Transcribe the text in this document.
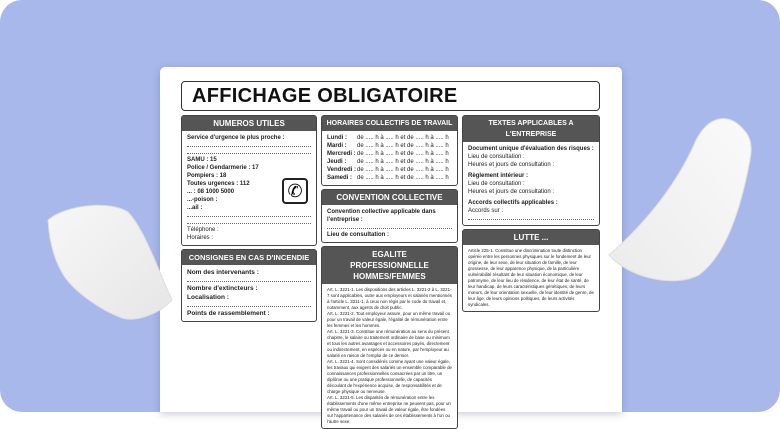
AFFICHAGE OBLIGATOIRE
NUMEROS UTILES
Service d'urgence le plus proche :
SAMU : 15
Police / Gendarmerie : 17
Pompiers : 18
Toutes urgences : 112
... : 08 1000 5000
...-poison :
...ail :
Téléphone :
Horaires :
✆
CONSIGNES EN CAS D'INCENDIE
Nom des intervenants :
Nombre d'extincteurs :
Localisation :
Points de rassemblement :
HORAIRES COLLECTIFS DE TRAVAIL
Lundi :	de ..... h à ..... h et de ..... h à ..... h
Mardi :	de ..... h à ..... h et de ..... h à ..... h
Mercredi : de ..... h à ..... h et de ..... h à ..... h
Jeudi :	de ..... h à ..... h et de ..... h à ..... h
Vendredi : de ..... h à ..... h et de ..... h à ..... h
Samedi : de ..... h à ..... h et de ..... h à ..... h
CONVENTION COLLECTIVE
Convention collective applicable dans l'entreprise :
Lieu de consultation :
EGALITE PROFESSIONNELLE HOMMES/FEMMES
Art. L. 3221-1. Les dispositions des articles L. 3221-2 à L. 3221-7 sont applicables, outre aux employeurs et salariés mentionnés à l'article L. 3211-1, à ceux non régis par le code du travail et, notamment, aux agents de droit public.
Art. L. 3221-2. Tout employeur assure, pour un même travail ou pour un travail de valeur égale, l'égalité de rémunération entre les femmes et les hommes.
Art. L. 3221-3. Constitue une rémunération au sens du présent chapitre, le salaire ou traitement ordinaire de base ou minimum et tous les autres avantages et accessoires payés, directement ou indirectement, en espèces ou en nature, par l'employeur au salarié en raison de l'emploi de ce dernier.
Art. L. 3221-4. Sont considérés comme ayant une valeur égale, les travaux qui exigent des salariés un ensemble comparable de connaissances professionnelles consacrées par un titre, un diplôme ou une pratique professionnelle, de capacités découlant de l'expérience acquise, de responsabilités et de charge physique ou nerveuse.
Art. L. 3221-5. Les disparités de rémunération entre les établissements d'une même entreprise ne peuvent pas, pour un même travail ou pour un travail de valeur égale, être fondées sur l'appartenance des salariés de ces établissements à l'un ou l'autre sexe.
TEXTES APPLICABLES A L'ENTREPRISE
Document unique d'évaluation des risques :
Lieu de consultation :
Heures et jours de consultation :
Règlement intérieur :
Lieu de consultation :
Heures et jours de consultation :
Accords collectifs applicables :
Accords sur :
LUTTE ...
Article 225-1. Constitue une discrimination toute distinction opérée entre les personnes physiques sur le fondement de leur origine, de leur sexe, de leur situation de famille, de leur grossesse, de leur apparence physique, de la particulière vulnérabilité résultant de leur situation économique, de leur patronyme, de leur lieu de résidence, de leur état de santé, de leur handicap, de leurs caractéristiques génétiques, de leurs mœurs, de leur orientation sexuelle, de leur identité de genre, de leur âge, de leurs opinions politiques, de leurs activités syndicales.
